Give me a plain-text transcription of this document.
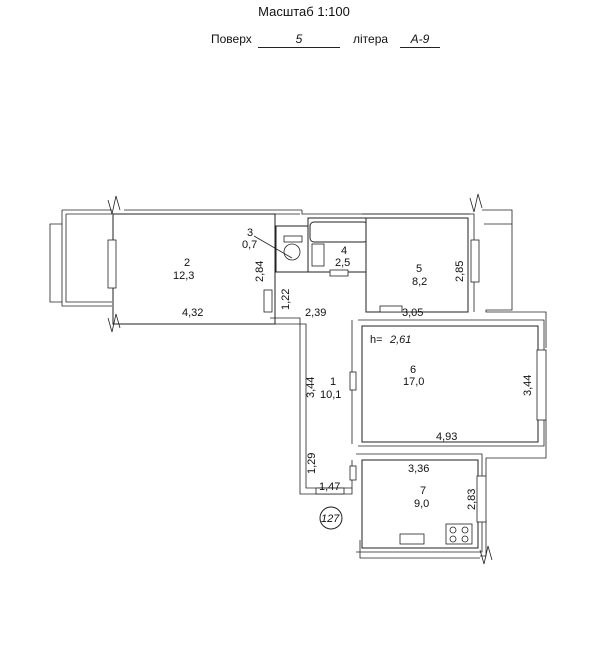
Масштаб 1:100
Поверх	5	літера	А-9
2
12,3
3
0,7	4
2,5	5
8,2
1
10,1
6
17,0
7
9,0
h= 2,61
4,32
2,84
1,22
2,39	3,05
2,85
4,93
3,44
3,44
1,29
1,47
3,36
2,83
127
